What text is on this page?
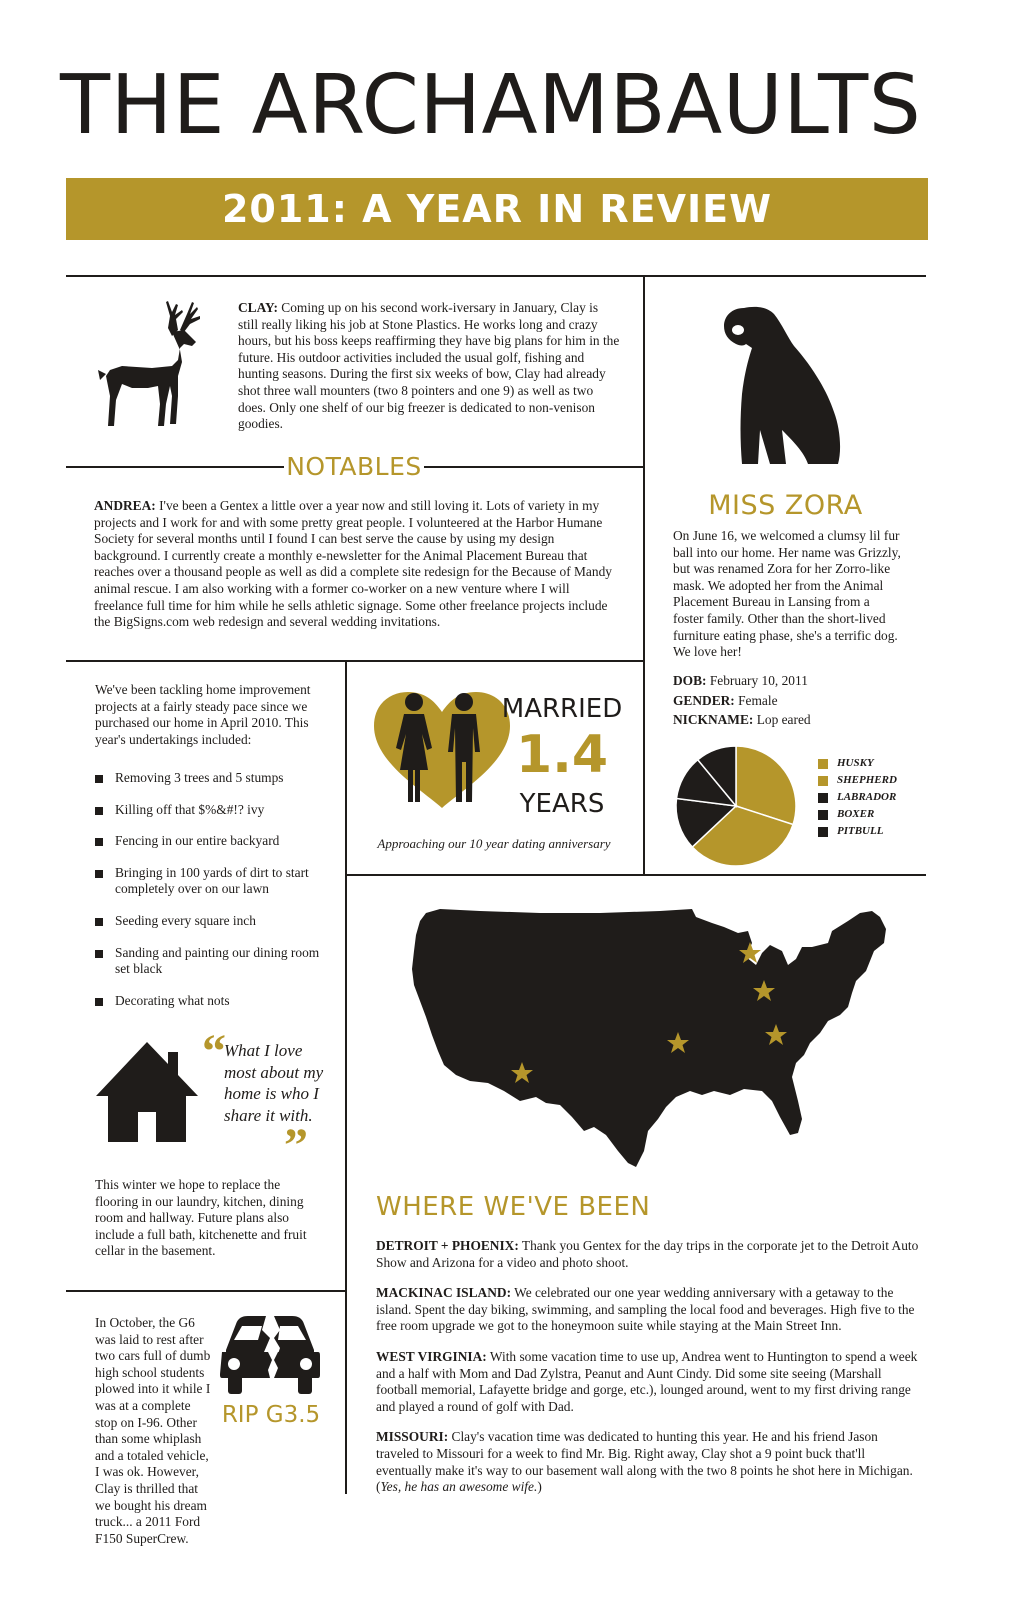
THE ARCHAMBAULTS
2011: A YEAR IN REVIEW

CLAY: Coming up on his second work-iversary in January, Clay is still really liking his job at Stone Plastics. He works long and crazy hours, but his boss keeps reaffirming they have big plans for him in the future. His outdoor activities included the usual golf, fishing and hunting seasons. During the first six weeks of bow, Clay had already shot three wall mounters (two 8 pointers and one 9) as well as two does. Only one shelf of our big freezer is dedicated to non-venison goodies.

NOTABLES

ANDREA: I've been a Gentex a little over a year now and still loving it. Lots of variety in my projects and I work for and with some pretty great people. I volunteered at the Harbor Humane Society for several months until I found I can best serve the cause by using my design background. I currently create a monthly e-newsletter for the Animal Placement Bureau that reaches over a thousand people as well as did a complete site redesign for the Because of Mandy animal rescue. I am also working with a former co-worker on a new venture where I will freelance full time for him while he sells athletic signage. Some other freelance projects include the BigSigns.com web redesign and several wedding invitations.

MISS ZORA

On June 16, we welcomed a clumsy lil fur ball into our home. Her name was Grizzly, but was renamed Zora for her Zorro-like mask. We adopted her from the Animal Placement Bureau in Lansing from a foster family. Other than the short-lived furniture eating phase, she's a terrific dog. We love her!

DOB: February 10, 2011

GENDER: Female

NICKNAME: Lop eared

HUSKY
SHEPHERD
LABRADOR
BOXER
PITBULL

We've been tackling home improvement projects at a fairly steady pace since we purchased our home in April 2010. This year's undertakings included:

Removing 3 trees and 5 stumps
Killing off that $%&#!? ivy
Fencing in our entire backyard
Bringing in 100 yards of dirt to start completely over on our lawn
Seeding every square inch
Sanding and painting our dining room set black
Decorating what nots
“

What I love most about my home is who I share it with.

”

This winter we hope to replace the flooring in our laundry, kitchen, dining room and hallway. Future plans also include a full bath, kitchenette and fruit cellar in the basement.

MARRIED
1.4
YEARS
Approaching our 10 year dating anniversary
WHERE WE'VE BEEN

DETROIT + PHOENIX: Thank you Gentex for the day trips in the corporate jet to the Detroit Auto Show and Arizona for a video and photo shoot.

MACKINAC ISLAND: We celebrated our one year wedding anniversary with a getaway to the island. Spent the day biking, swimming, and sampling the local food and beverages. High five to the free room upgrade we got to the honeymoon suite while staying at the Main Street Inn.

WEST VIRGINIA: With some vacation time to use up, Andrea went to Huntington to spend a week and a half with Mom and Dad Zylstra, Peanut and Aunt Cindy. Did some site seeing (Marshall football memorial, Lafayette bridge and gorge, etc.), lounged around, went to my first driving range and played a round of golf with Dad.

MISSOURI: Clay's vacation time was dedicated to hunting this year. He and his friend Jason traveled to Missouri for a week to find Mr. Big. Right away, Clay shot a 9 point buck that'll eventually make it's way to our basement wall along with the two 8 points he shot here in Michigan. (Yes, he has an awesome wife.)

In October, the G6 was laid to rest after two cars full of dumb high school students plowed into it while I was at a complete stop on I-96. Other than some whiplash and a totaled vehicle, I was ok. However, Clay is thrilled that we bought his dream truck... a 2011 Ford F150 SuperCrew.

RIP G3.5
